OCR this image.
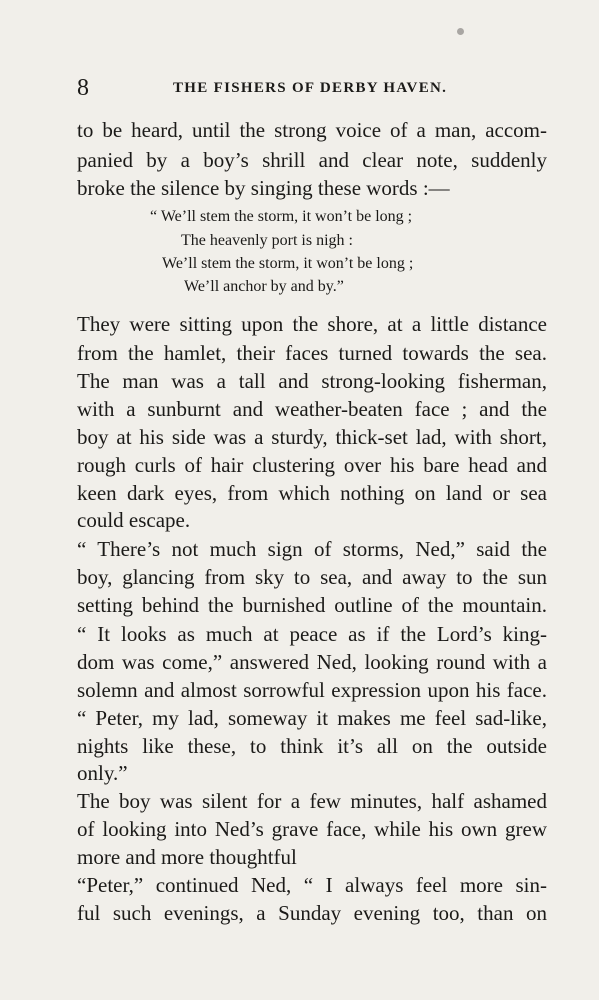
8	THE FISHERS OF DERBY HAVEN.
to be heard, until the strong voice of a man, accom-
panied by a boy’s shrill and clear note, suddenly
broke the silence by singing these words :—
“ We’ll stem the storm, it won’t be long ;
The heavenly port is nigh :
We’ll stem the storm, it won’t be long ;
We’ll anchor by and by.”
They were sitting upon the shore, at a little distance
from the hamlet, their faces turned towards the sea.
The man was a tall and strong-looking fisherman,
with a sunburnt and weather-beaten face ; and the
boy at his side was a sturdy, thick-set lad, with short,
rough curls of hair clustering over his bare head and
keen dark eyes, from which nothing on land or sea
could escape.
“ There’s not much sign of storms, Ned,” said the
boy, glancing from sky to sea, and away to the sun
setting behind the burnished outline of the mountain.
“ It looks as much at peace as if the Lord’s king-
dom was come,” answered Ned, looking round with a
solemn and almost sorrowful expression upon his face.
“ Peter, my lad, someway it makes me feel sad-like,
nights like these, to think it’s all on the outside
only.”
The boy was silent for a few minutes, half ashamed
of looking into Ned’s grave face, while his own grew
more and more thoughtful
“Peter,” continued Ned, “ I always feel more sin-
ful such evenings, a Sunday evening too, than on
